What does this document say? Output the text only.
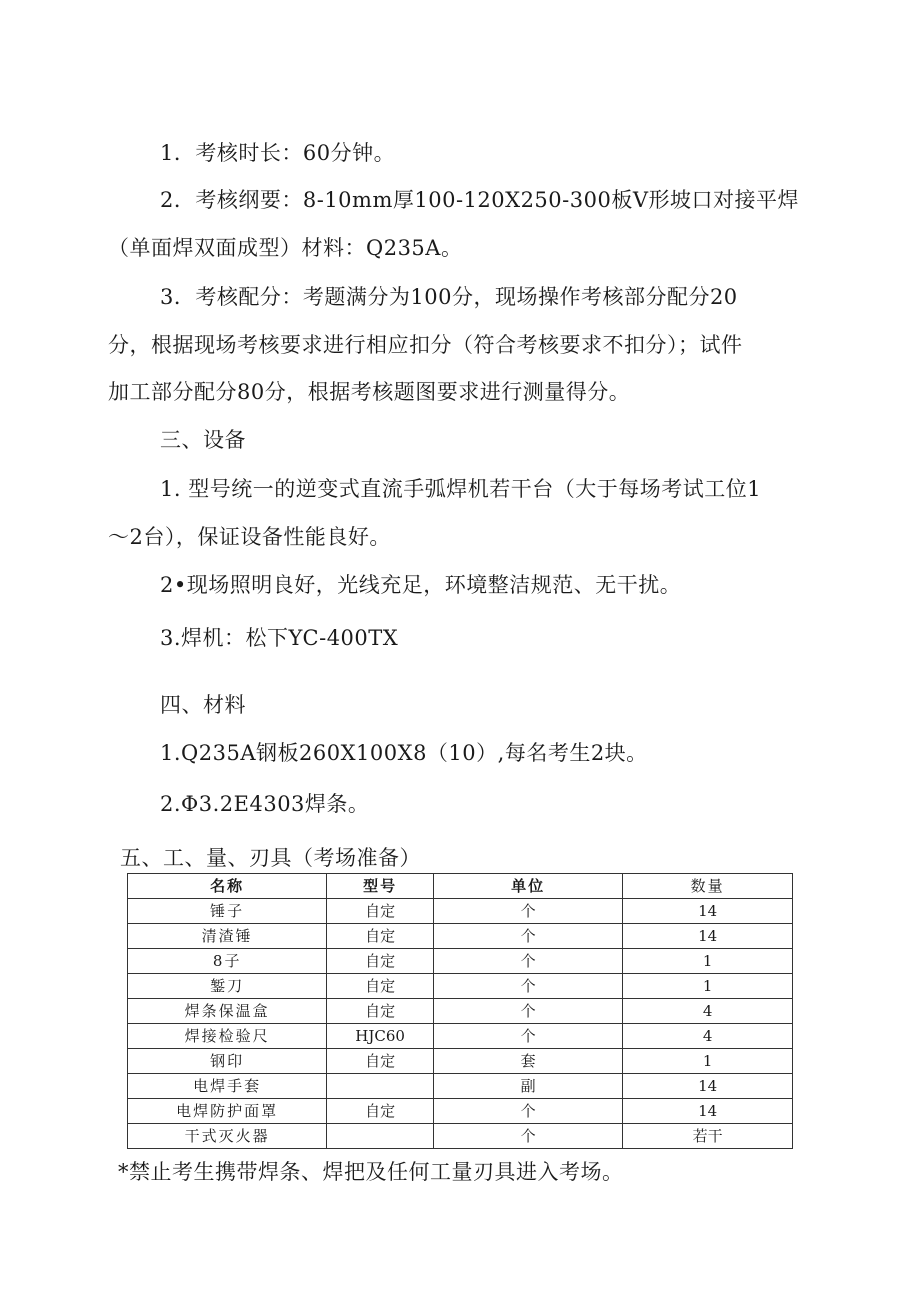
1．考核时长：60分钟。
2．考核纲要：8-10mm厚100-120X250-300板V形坡口对接平焊
（单面焊双面成型）材料：Q235A。
3．考核配分：考题满分为100分，现场操作考核部分配分20
分，根据现场考核要求进行相应扣分（符合考核要求不扣分）；试件
加工部分配分80分，根据考核题图要求进行测量得分。
三、设备
1. 型号统一的逆变式直流手弧焊机若干台（大于每场考试工位1
～2台），保证设备性能良好。
2•现场照明良好，光线充足，环境整洁规范、无干扰。
3.焊机：松下YC-400TX
四、材料
1.Q235A钢板260X100X8（10）,每名考生2块。
2.Φ3.2E4303焊条。
五、工、量、刃具（考场准备）
名称	型号	单位	数量
锤子	自定	个	14
清渣锤	自定	个	14
8子	自定	个	1
錾刀	自定	个	1
焊条保温盒	自定	个	4
焊接检验尺	HJC60	个	4
钢印	自定	套	1
电焊手套		副	14
电焊防护面罩	自定	个	14
干式灭火器		个	若干
*禁止考生携带焊条、焊把及任何工量刃具进入考场。
